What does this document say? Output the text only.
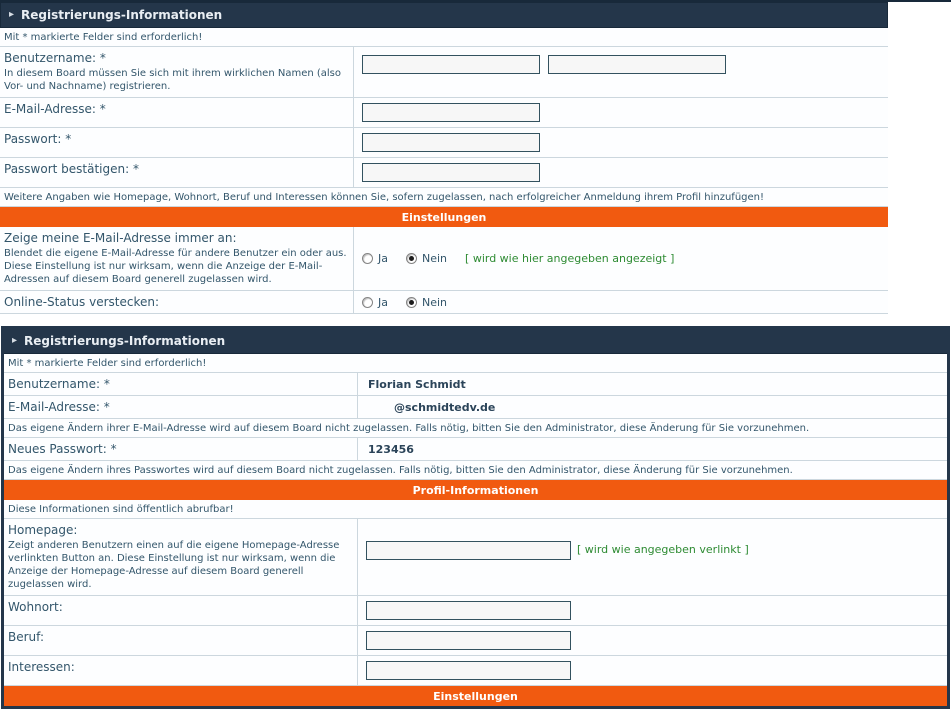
▸ Registrierungs-Informationen
Mit * markierte Felder sind erforderlich!
Benutzername: *
In diesem Board müssen Sie sich mit ihrem wirklichen Namen (also Vor- und Nachname) registrieren.
E-Mail-Adresse: *
Passwort: *
Passwort bestätigen: *
Weitere Angaben wie Homepage, Wohnort, Beruf und Interessen können Sie, sofern zugelassen, nach erfolgreicher Anmeldung ihrem Profil hinzufügen!
Einstellungen
Zeige meine E-Mail-Adresse immer an:
Blendet die eigene E-Mail-Adresse für andere Benutzer ein oder aus. Diese Einstellung ist nur wirksam, wenn die Anzeige der E-Mail-Adressen auf diesem Board generell zugelassen wird.
Ja	Nein [ wird wie hier angegeben angezeigt ]
Online-Status verstecken:	Ja	Nein
▸ Registrierungs-Informationen
Mit * markierte Felder sind erforderlich!
Benutzername: *	Florian Schmidt
E-Mail-Adresse: *	@schmidtedv.de
Das eigene Ändern ihrer E-Mail-Adresse wird auf diesem Board nicht zugelassen. Falls nötig, bitten Sie den Administrator, diese Änderung für Sie vorzunehmen.
Neues Passwort: *	123456
Das eigene Ändern ihres Passwortes wird auf diesem Board nicht zugelassen. Falls nötig, bitten Sie den Administrator, diese Änderung für Sie vorzunehmen.
Profil-Informationen
Diese Informationen sind öffentlich abrufbar!
Homepage:
Zeigt anderen Benutzern einen auf die eigene Homepage-Adresse verlinkten Button an. Diese Einstellung ist nur wirksam, wenn die Anzeige der Homepage-Adresse auf diesem Board generell zugelassen wird.
[ wird wie angegeben verlinkt ]
Wohnort:
Beruf:
Interessen:
Einstellungen
